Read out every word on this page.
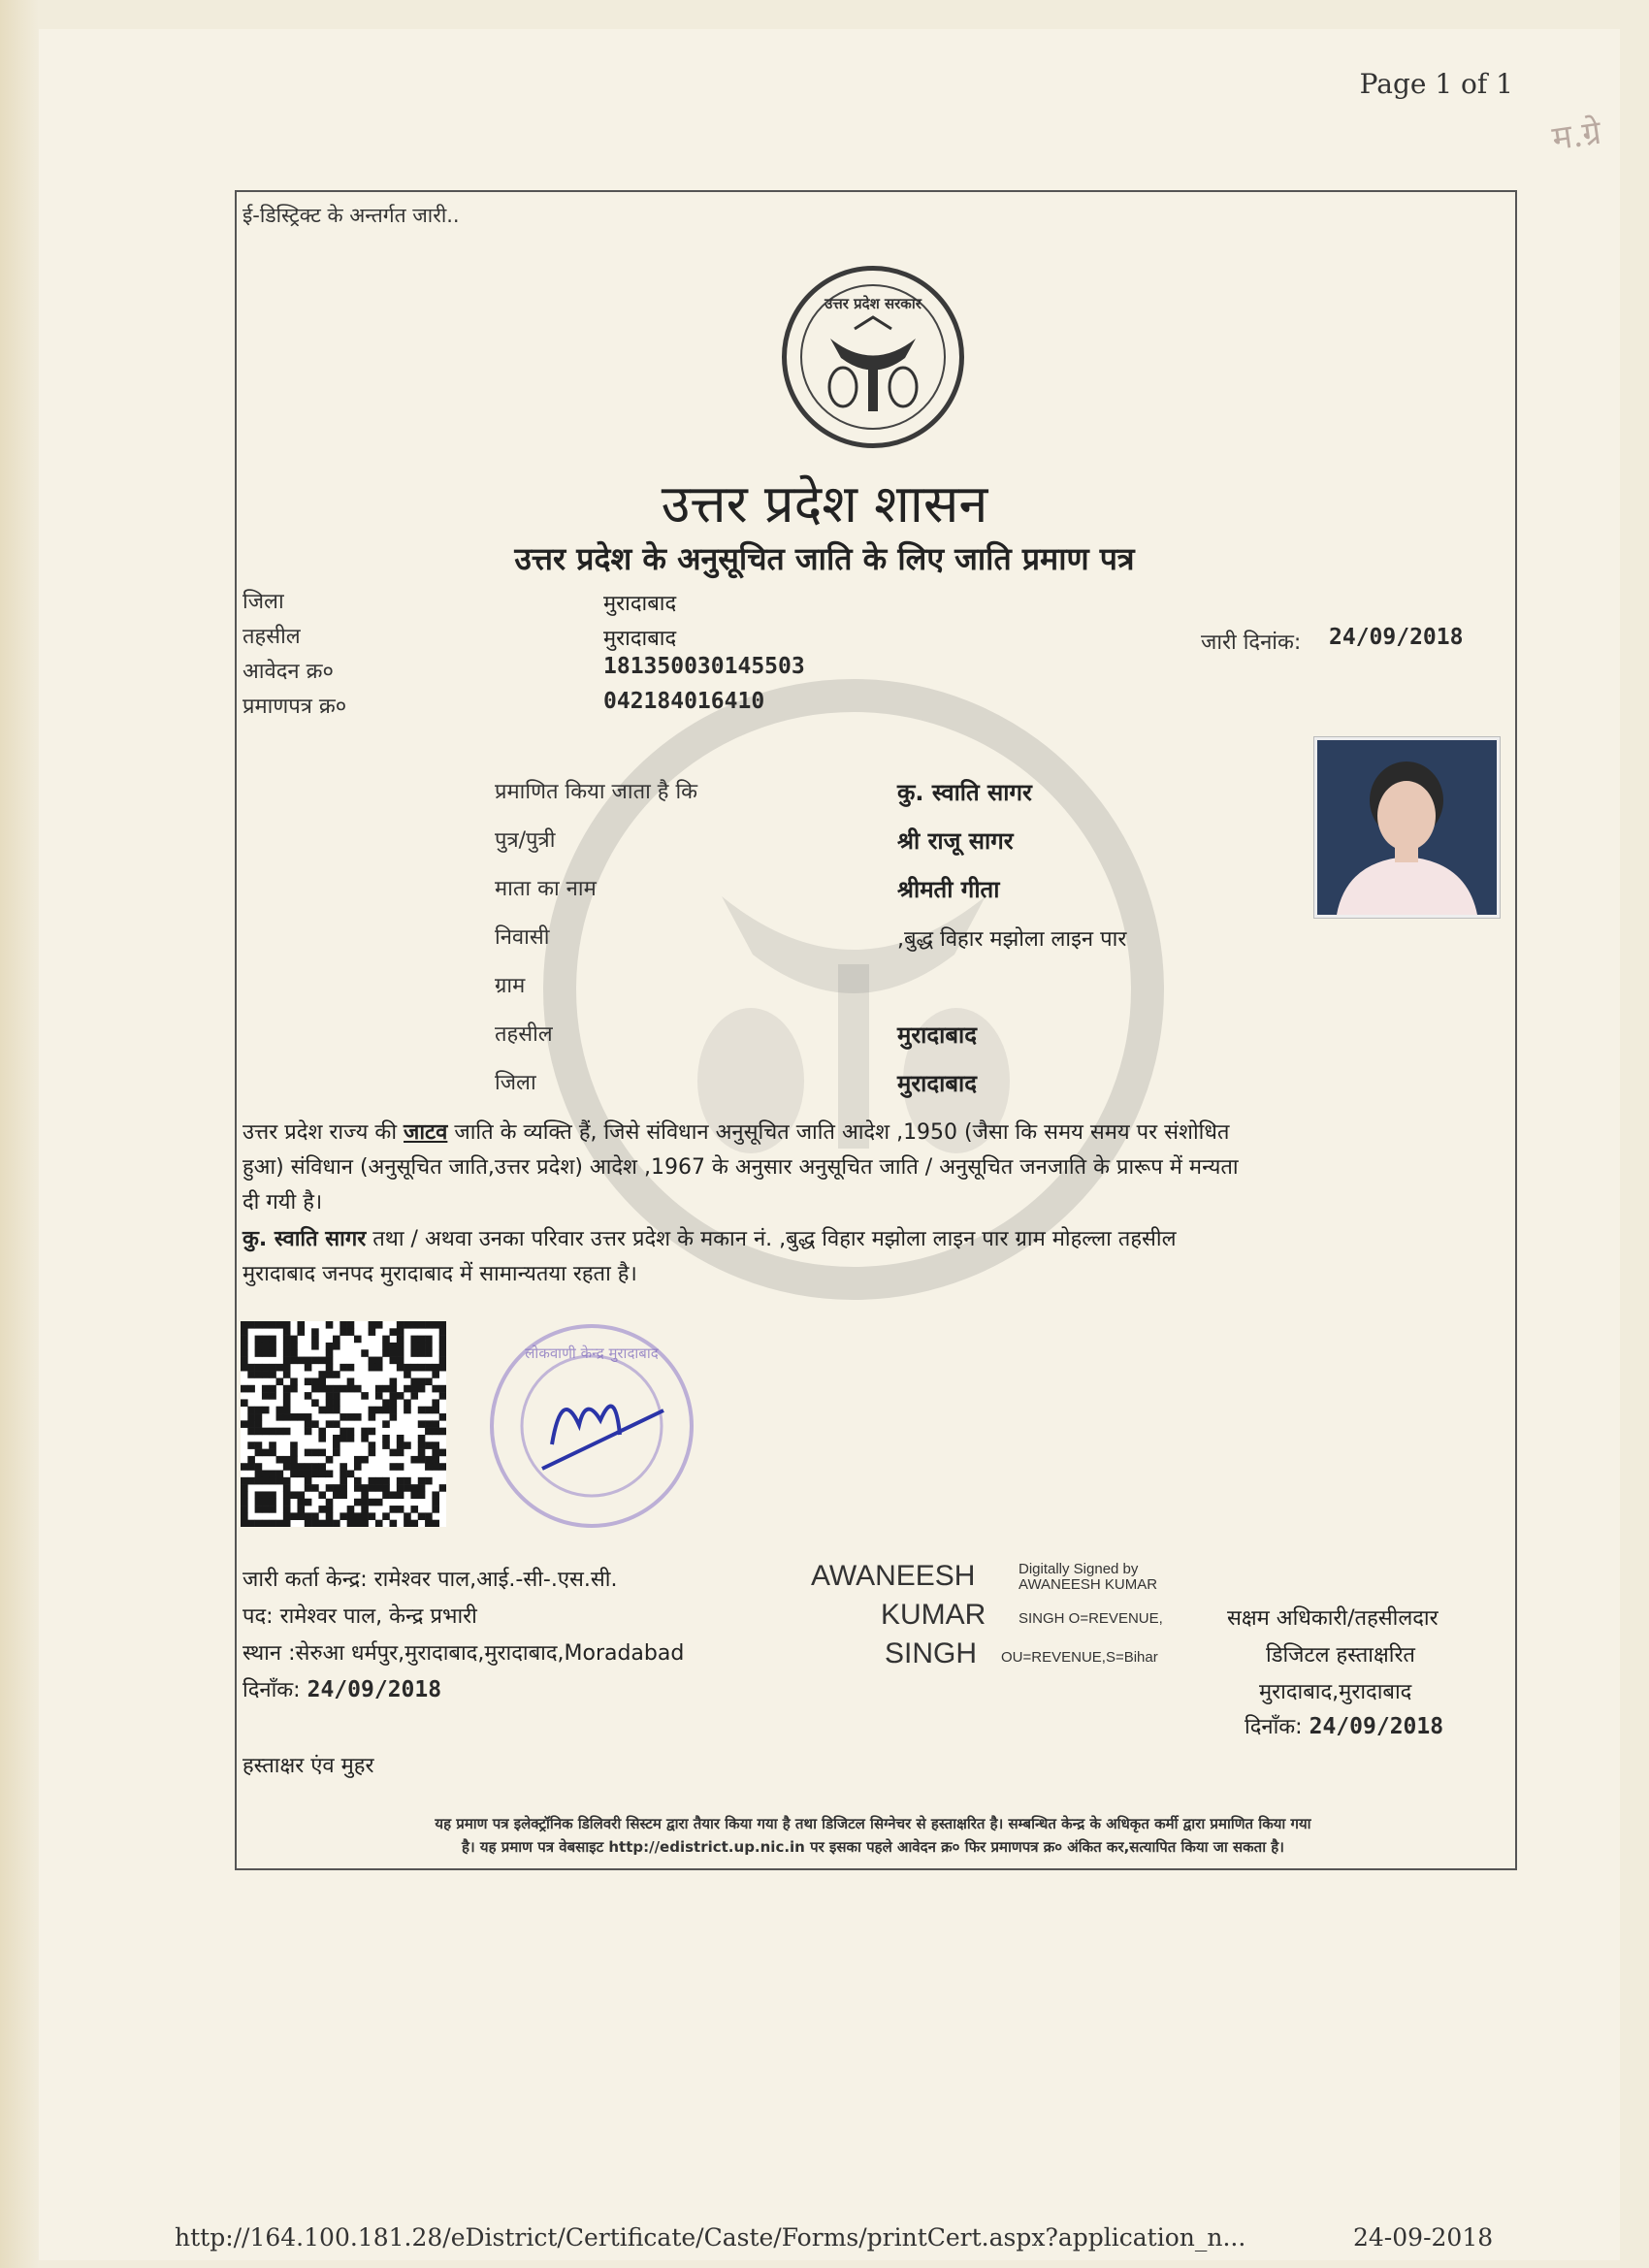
Page 1 of 1
म.ग्रे
ई-डिस्ट्रिक्ट के अन्तर्गत जारी..
उत्तर प्रदेश सरकार
उत्तर प्रदेश शासन
उत्तर प्रदेश के अनुसूचित जाति के लिए जाति प्रमाण पत्र
जिला	मुरादाबाद
तहसील	मुरादाबाद
आवेदन क्र०	181350030145503
प्रमाणपत्र क्र०	042184016410
जारी दिनांक: 24/09/2018
प्रमाणित किया जाता है कि	कु. स्वाति सागर
पुत्र/पुत्री	श्री राजू सागर
माता का नाम	श्रीमती गीता
निवासी	,बुद्ध विहार मझोला लाइन पार
ग्राम
तहसील	मुरादाबाद
जिला	मुरादाबाद
उत्तर प्रदेश राज्य की जाटव जाति के व्यक्ति हैं, जिसे संविधान अनुसूचित जाति आदेश ,1950 (जैसा कि समय समय पर संशोधित
हुआ) संविधान (अनुसूचित जाति,उत्तर प्रदेश) आदेश ,1967 के अनुसार अनुसूचित जाति / अनुसूचित जनजाति के प्रारूप में मन्यता
दी गयी है।
कु. स्वाति सागर तथा / अथवा उनका परिवार उत्तर प्रदेश के मकान नं. ,बुद्ध विहार मझोला लाइन पार ग्राम मोहल्ला तहसील
मुरादाबाद जनपद मुरादाबाद में सामान्यतया रहता है।
लोकवाणी केन्द्र मुरादाबाद
जारी कर्ता केन्द्र: रामेश्वर पाल,आई.-सी-.एस.सी.
पद: रामेश्वर पाल, केन्द्र प्रभारी
स्थान :सेरुआ धर्मपुर,मुरादाबाद,मुरादाबाद,Moradabad
दिनाँक: 24/09/2018
AWANEESH	Digitally Signed by
AWANEESH KUMAR
KUMAR SINGH O=REVENUE,
SINGH OU=REVENUE,S=Bihar
सक्षम अधिकारी/तहसीलदार
डिजिटल हस्ताक्षरित
मुरादाबाद,मुरादाबाद
दिनाँक: 24/09/2018
हस्ताक्षर एंव मुहर
यह प्रमाण पत्र इलेक्ट्रॉनिक डिलिवरी सिस्टम द्वारा तैयार किया गया है तथा डिजिटल सिग्नेचर से हस्ताक्षरित है। सम्बन्धित केन्द्र के अधिकृत कर्मी द्वारा प्रमाणित किया गया
है। यह प्रमाण पत्र वेबसाइट http://edistrict.up.nic.in पर इसका पहले आवेदन क्र० फिर प्रमाणपत्र क्र० अंकित कर,सत्यापित किया जा सकता है।
http://164.100.181.28/eDistrict/Certificate/Caste/Forms/printCert.aspx?application_n...	24-09-2018
